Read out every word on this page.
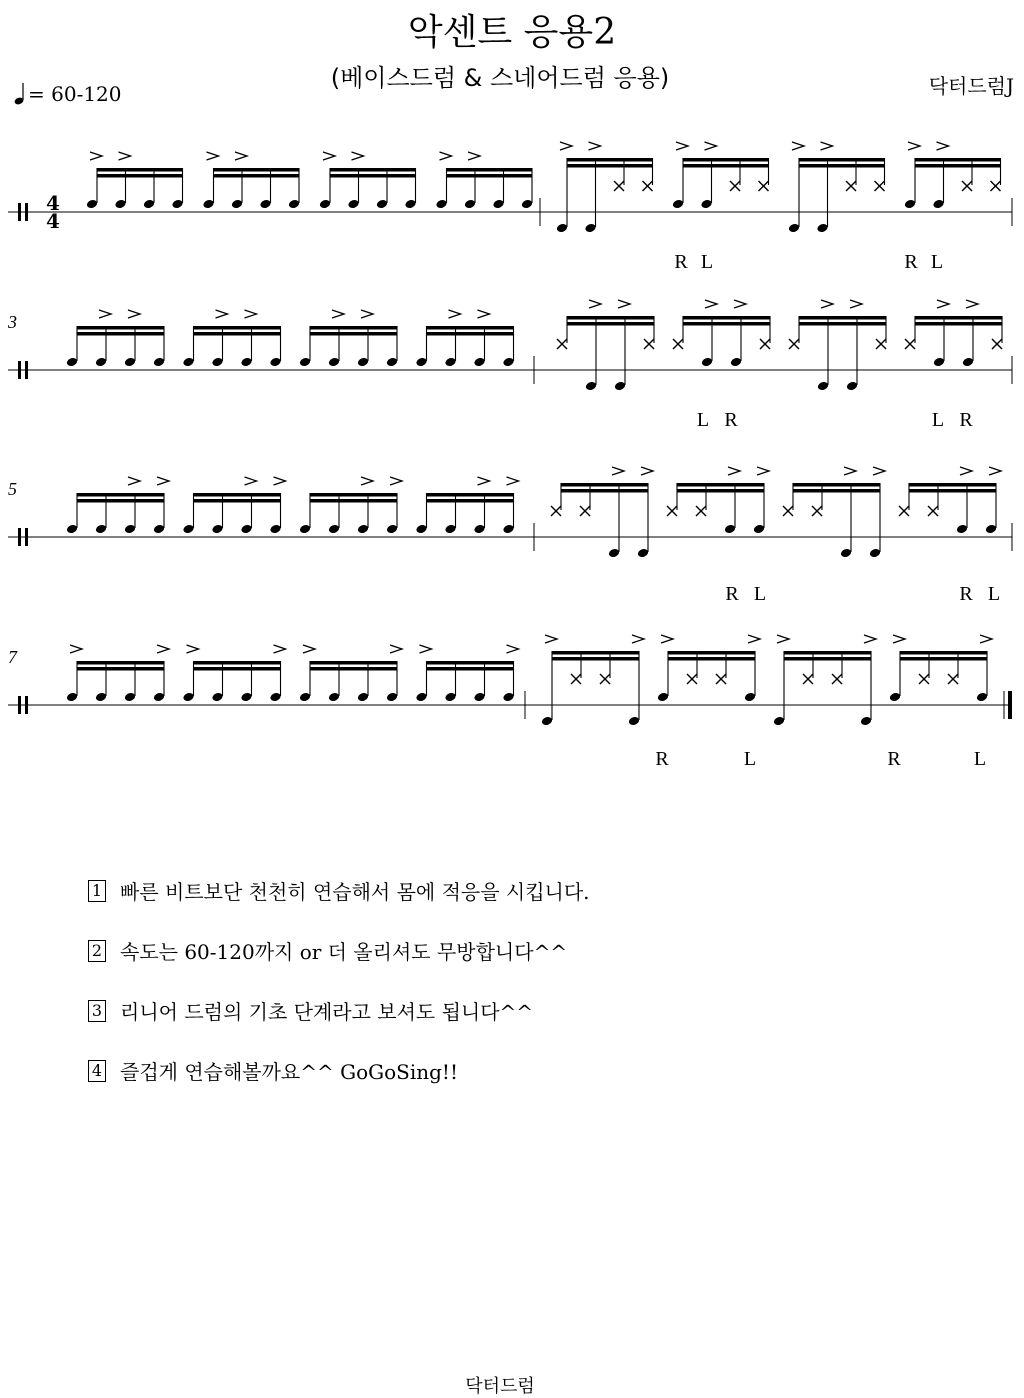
악센트 응용2
(베이스드럼 & 스네어드럼 응용)
= 60-120	닥터드럼J
4
4
R L	R L
3
L R	L R
5
R L	R L
7
R	L	R	L
1 빠른 비트보단 천천히 연습해서 몸에 적응을 시킵니다.
2 속도는 60-120까지 or 더 올리셔도 무방합니다^^
3 리니어 드럼의 기초 단계라고 보셔도 됩니다^^
4 즐겁게 연습해볼까요^^ GoGoSing!!
닥터드럼
